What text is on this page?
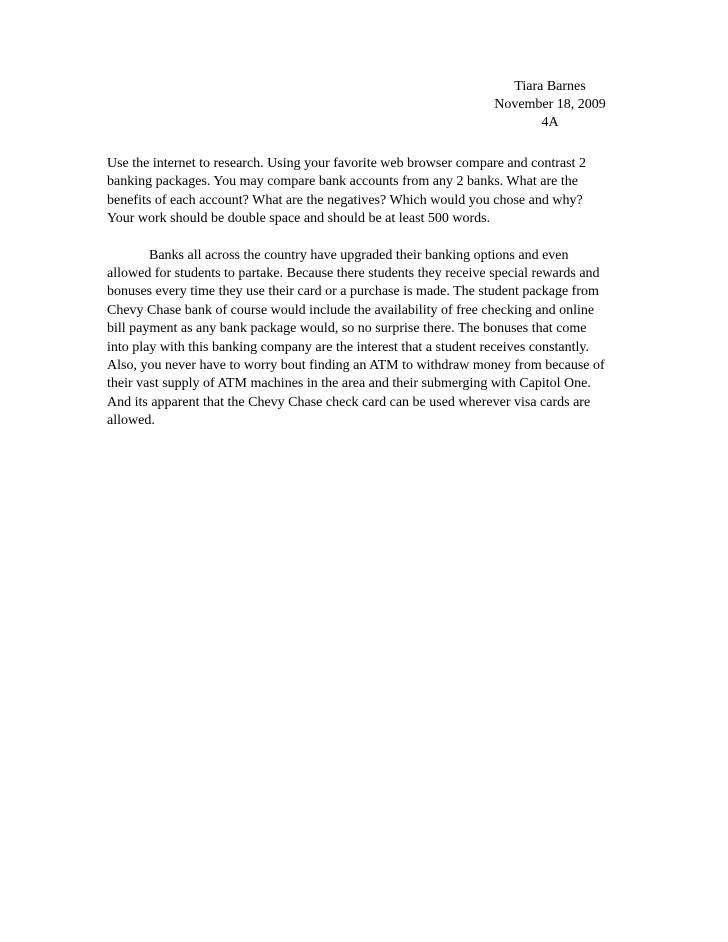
Tiara Barnes
November 18, 2009
4A
Use the internet to research. Using your favorite web browser compare and contrast 2
banking packages. You may compare bank accounts from any 2 banks. What are the
benefits of each account? What are the negatives? Which would you chose and why?
Your work should be double space and should be at least 500 words.
Banks all across the country have upgraded their banking options and even
allowed for students to partake. Because there students they receive special rewards and
bonuses every time they use their card or a purchase is made. The student package from
Chevy Chase bank of course would include the availability of free checking and online
bill payment as any bank package would, so no surprise there. The bonuses that come
into play with this banking company are the interest that a student receives constantly.
Also, you never have to worry bout finding an ATM to withdraw money from because of
their vast supply of ATM machines in the area and their submerging with Capitol One.
And its apparent that the Chevy Chase check card can be used wherever visa cards are
allowed.
